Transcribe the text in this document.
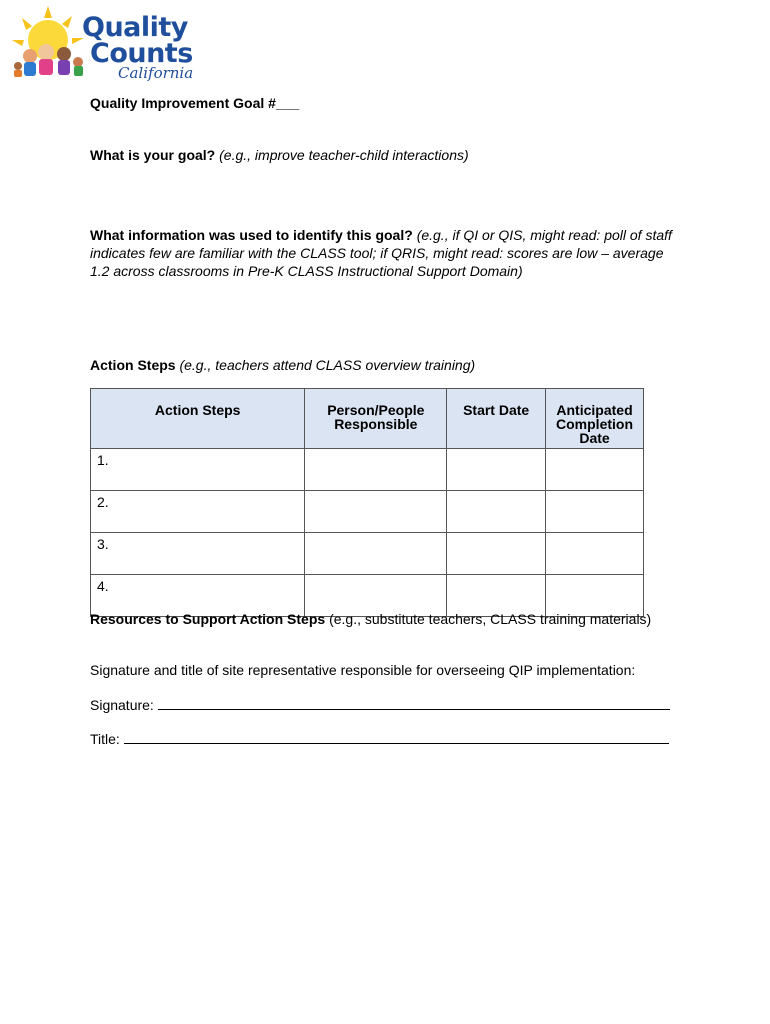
Quality
Counts
California
Quality Improvement Goal #___
What is your goal? (e.g., improve teacher-child interactions)
What information was used to identify this goal? (e.g., if QI or QIS, might read: poll of staff indicates few are familiar with the CLASS tool; if QRIS, might read: scores are low – average 1.2 across classrooms in Pre-K CLASS Instructional Support Domain)
Action Steps (e.g., teachers attend CLASS overview training)
Action Steps	Person/People Responsible	Start Date	Anticipated Completion Date
1.			
2.			
3.			
4.			
Resources to Support Action Steps (e.g., substitute teachers, CLASS training materials)
Signature and title of site representative responsible for overseeing QIP implementation:
Signature:
Title:
